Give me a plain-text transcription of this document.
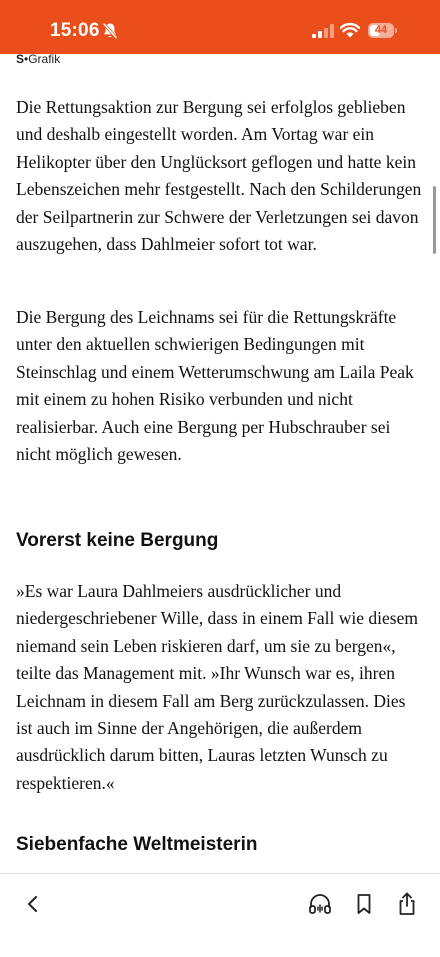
15:06	44
S•Grafik

Die Rettungsaktion zur Bergung sei erfolglos geblieben und deshalb eingestellt worden. Am Vortag war ein Helikopter über den Unglücksort geflogen und hatte kein Lebenszeichen mehr festgestellt. Nach den Schilderungen der Seilpartnerin zur Schwere der Verletzungen sei davon auszugehen, dass Dahlmeier sofort tot war.

Die Bergung des Leichnams sei für die Rettungskräfte unter den aktuellen schwierigen Bedingungen mit Steinschlag und einem Wetterumschwung am Laila Peak mit einem zu hohen Risiko verbunden und nicht realisierbar. Auch eine Bergung per Hubschrauber sei nicht möglich gewesen.

Vorerst keine Bergung

»Es war Laura Dahlmeiers ausdrücklicher und niedergeschriebener Wille, dass in einem Fall wie diesem niemand sein Leben riskieren darf, um sie zu bergen«, teilte das Management mit. »Ihr Wunsch war es, ihren Leichnam in diesem Fall am Berg zurückzulassen. Dies ist auch im Sinne der Angehörigen, die außerdem ausdrücklich darum bitten, Lauras letzten Wunsch zu respektieren.«

Siebenfache Weltmeisterin
